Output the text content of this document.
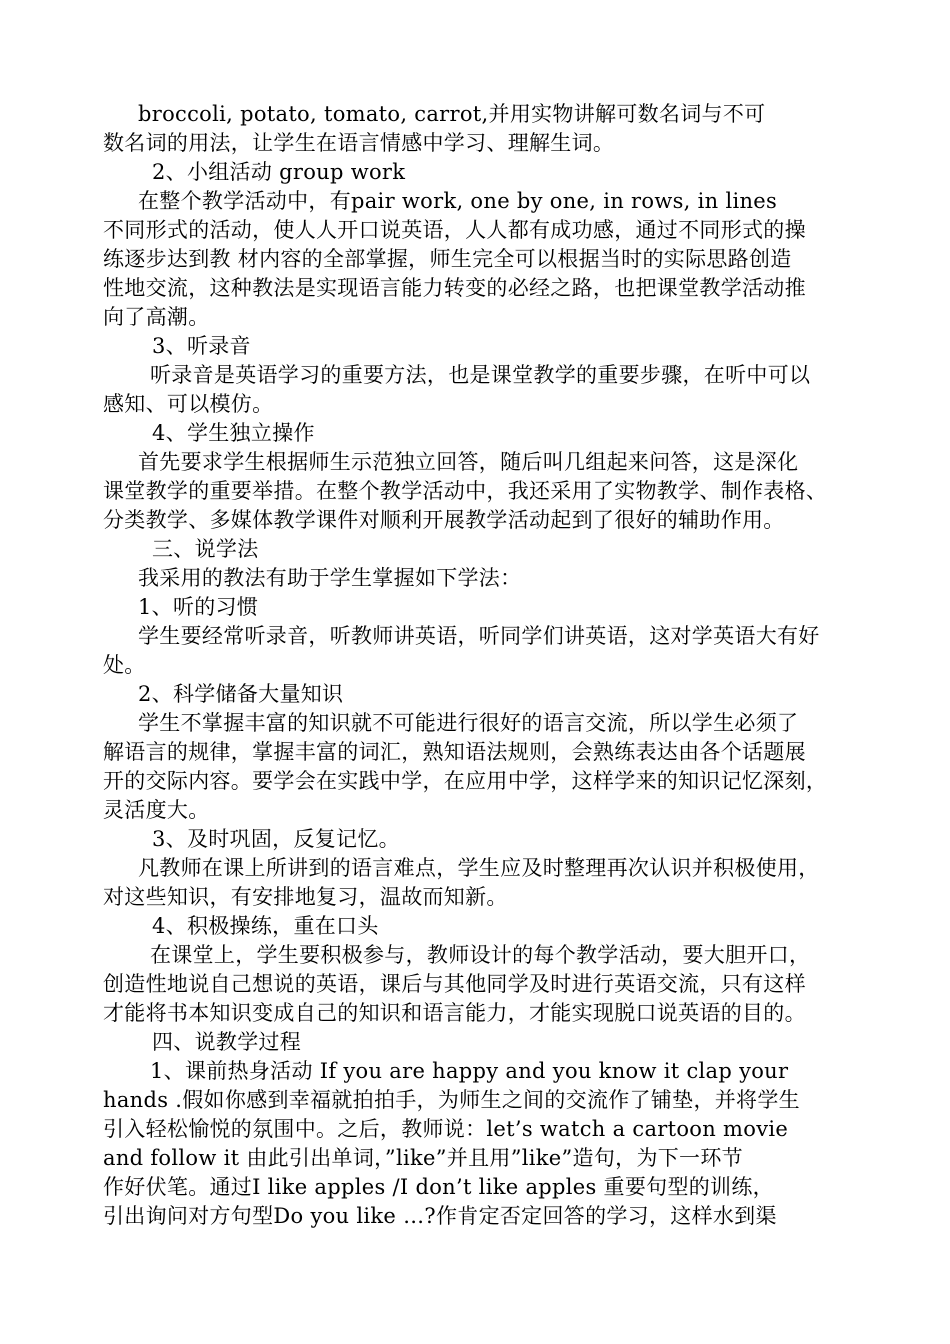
broccoli, potato, tomato, carrot,并用实物讲解可数名词与不可
数名词的用法，让学生在语言情感中学习、理解生词。
2、小组活动 group work
在整个教学活动中，有pair work, one by one, in rows, in lines
不同形式的活动，使人人开口说英语，人人都有成功感，通过不同形式的操
练逐步达到教 材内容的全部掌握，师生完全可以根据当时的实际思路创造
性地交流，这种教法是实现语言能力转变的必经之路，也把课堂教学活动推
向了高潮。
3、听录音
听录音是英语学习的重要方法，也是课堂教学的重要步骤，在听中可以
感知、可以模仿。
4、学生独立操作
首先要求学生根据师生示范独立回答，随后叫几组起来问答，这是深化
课堂教学的重要举措。在整个教学活动中，我还采用了实物教学、制作表格、
分类教学、多媒体教学课件对顺利开展教学活动起到了很好的辅助作用。
三、说学法
我采用的教法有助于学生掌握如下学法：
1、听的习惯
学生要经常听录音，听教师讲英语，听同学们讲英语，这对学英语大有好
处。
2、科学储备大量知识
学生不掌握丰富的知识就不可能进行很好的语言交流，所以学生必须了
解语言的规律，掌握丰富的词汇，熟知语法规则，会熟练表达由各个话题展
开的交际内容。要学会在实践中学，在应用中学，这样学来的知识记忆深刻，
灵活度大。
3、及时巩固，反复记忆。
凡教师在课上所讲到的语言难点，学生应及时整理再次认识并积极使用，
对这些知识，有安排地复习，温故而知新。
4、积极操练，重在口头
在课堂上，学生要积极参与，教师设计的每个教学活动，要大胆开口，
创造性地说自己想说的英语，课后与其他同学及时进行英语交流，只有这样
才能将书本知识变成自己的知识和语言能力，才能实现脱口说英语的目的。
四、说教学过程
1、课前热身活动 If you are happy and you know it clap your
hands .假如你感到幸福就拍拍手，为师生之间的交流作了铺垫，并将学生
引入轻松愉悦的氛围中。之后，教师说：let’s watch a cartoon movie
and follow it 由此引出单词，”like”并且用”like”造句，为下一环节
作好伏笔。通过I like apples /I don’t like apples 重要句型的训练，
引出询问对方句型Do you like …?作肯定否定回答的学习，这样水到渠
